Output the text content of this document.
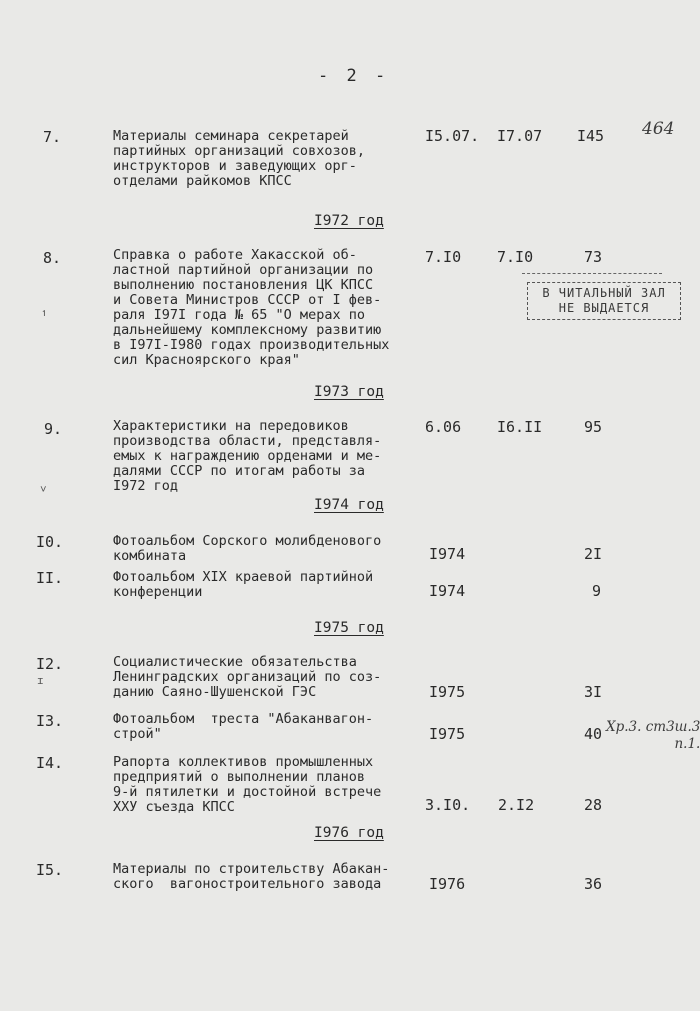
- 2 -
7.	Материалы семинара секретарей
партийных организаций совхозов,
инструкторов и заведующих орг-
отделами райкомов КПСС
I5.07. I7.07 I45 464
I972 год
8.	Справка о работе Хакасской об-
ластной партийной организации по
выполнению постановления ЦК КПСС
и Совета Министров СССР от I фев-
раля I97I года № 65 "О мерах по
дальнейшему комплексному развитию
в I97I-I980 годах производительных
сил Красноярского края"
7.I0 7.I0	73
В ЧИТАЛЬНЫЙ ЗАЛ
НЕ ВЫДАЕТСЯ
↿
I973 год
9.	Характеристики на передовиков
производства области, представля-
емых к награждению орденами и ме-
далями СССР по итогам работы за
I972 год
6.06 I6.II	95
˅
I974 год
I0.	Фотоальбом Сорского молибденового
комбината	I974	2I
II.	Фотоальбом XIX краевой партийной
конференции	I974	9
I975 год
I2.	Социалистические обязательства
Ленинградских организаций по соз-
данию Саяно-Шушенской ГЭС	I975	3I
ɪ
I3.	Фотоальбом  треста "Абаканвагон-
строй"	I975	40 Хр.3. ст3ш.3
п.1.
I4.	Рапорта коллективов промышленных
предприятий о выполнении планов
9-й пятилетки и достойной встрече
XXУ съезда КПСС	3.I0. 2.I2	28
I976 год
I5.	Материалы по строительству Абакан-
ского  вагоностроительного завода	I976	36
